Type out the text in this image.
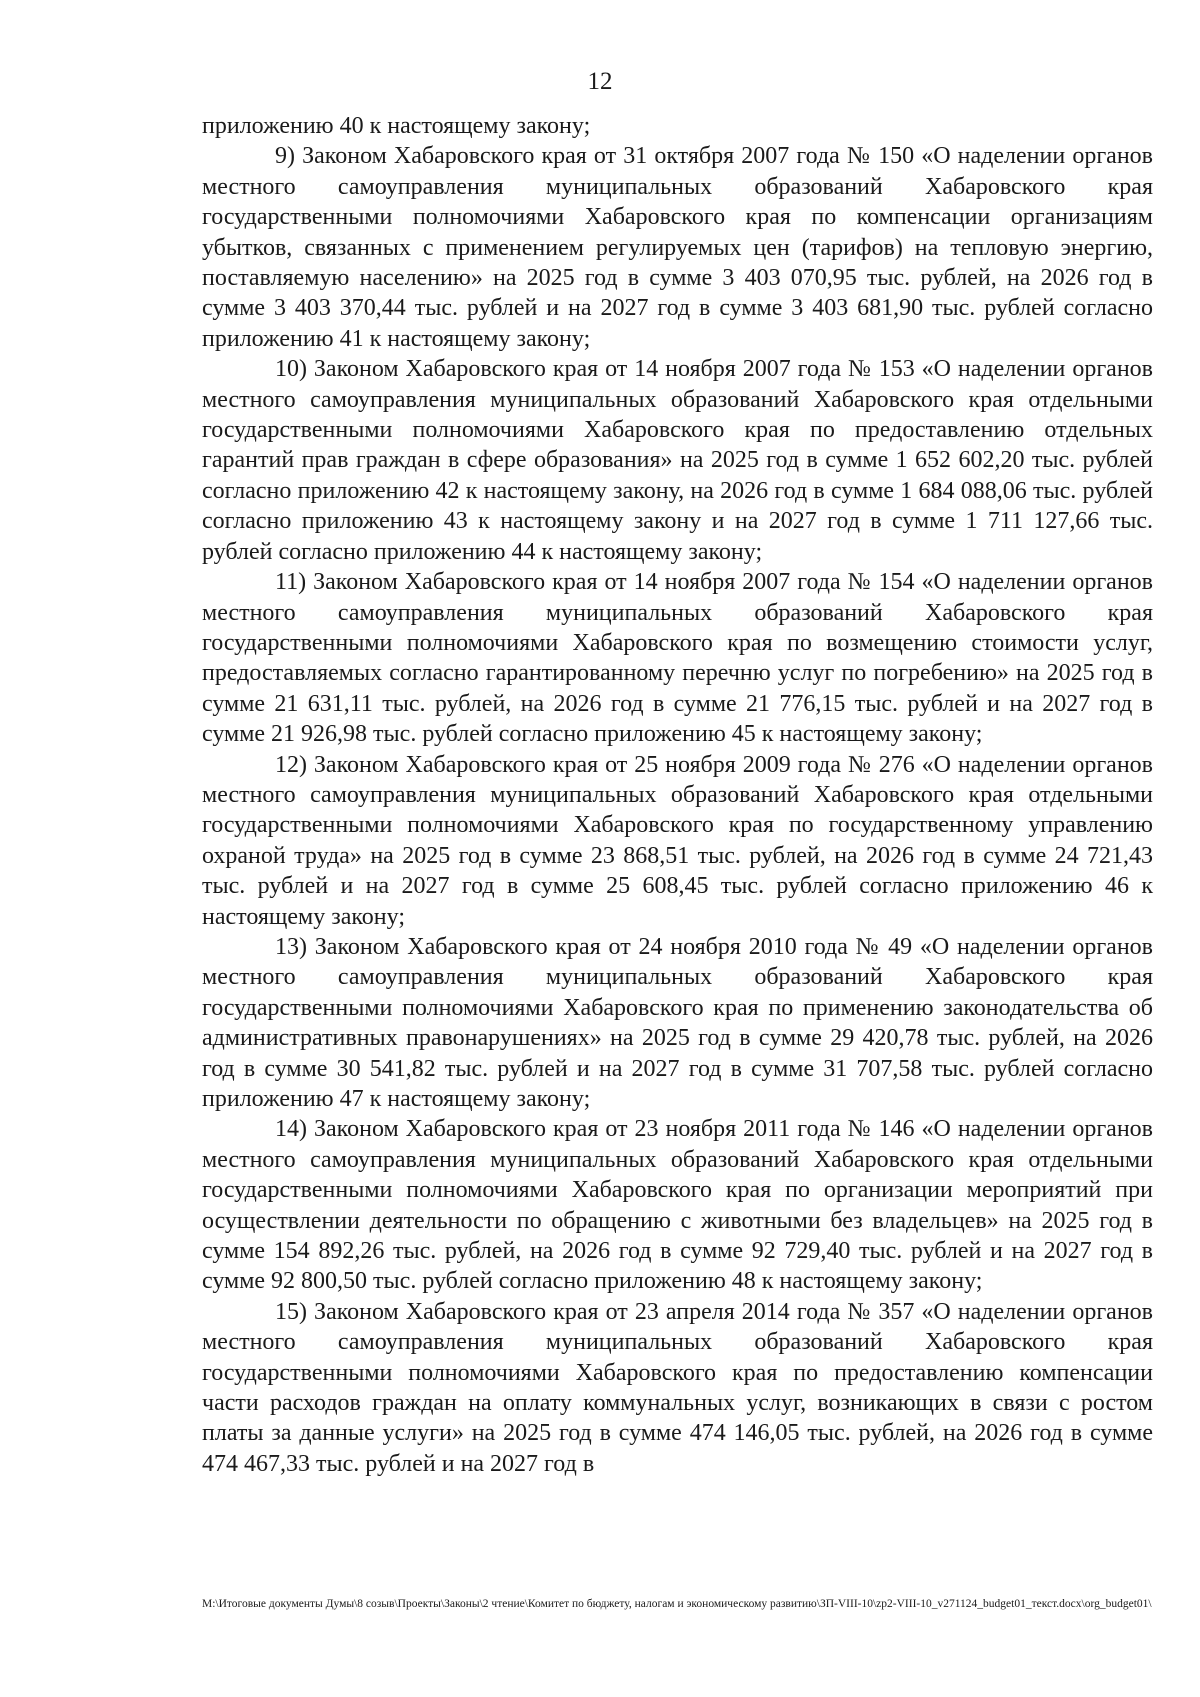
12

приложению 40 к настоящему закону;

9) Законом Хабаровского края от 31 октября 2007 года № 150 «О наделении органов местного самоуправления муниципальных образований Хабаровского края государственными полномочиями Хабаровского края по компенсации организациям убытков, связанных с применением регулируемых цен (тарифов) на тепловую энергию, поставляемую населению» на 2025 год в сумме 3 403 070,95 тыс. рублей, на 2026 год в сумме 3 403 370,44 тыс. рублей и на 2027 год в сумме 3 403 681,90 тыс. рублей согласно приложению 41 к настоящему закону;

10) Законом Хабаровского края от 14 ноября 2007 года № 153 «О наделении органов местного самоуправления муниципальных образований Хабаровского края отдельными государственными полномочиями Хабаровского края по предоставлению отдельных гарантий прав граждан в сфере образования» на 2025 год в сумме 1 652 602,20 тыс. рублей согласно приложению 42 к настоящему закону, на 2026 год в сумме 1 684 088,06 тыс. рублей согласно приложению 43 к настоящему закону и на 2027 год в сумме 1 711 127,66 тыс. рублей согласно приложению 44 к настоящему закону;

11) Законом Хабаровского края от 14 ноября 2007 года № 154 «О наделении органов местного самоуправления муниципальных образований Хабаровского края государственными полномочиями Хабаровского края по возмещению стоимости услуг, предоставляемых согласно гарантированному перечню услуг по погребению» на 2025 год в сумме 21 631,11 тыс. рублей, на 2026 год в сумме 21 776,15 тыс. рублей и на 2027 год в сумме 21 926,98 тыс. рублей согласно приложению 45 к настоящему закону;

12) Законом Хабаровского края от 25 ноября 2009 года № 276 «О наделении органов местного самоуправления муниципальных образований Хабаровского края отдельными государственными полномочиями Хабаровского края по государственному управлению охраной труда» на 2025 год в сумме 23 868,51 тыс. рублей, на 2026 год в сумме 24 721,43 тыс. рублей и на 2027 год в сумме 25 608,45 тыс. рублей согласно приложению 46 к настоящему закону;

13) Законом Хабаровского края от 24 ноября 2010 года № 49 «О наделении органов местного самоуправления муниципальных образований Хабаровского края государственными полномочиями Хабаровского края по применению законодательства об административных правонарушениях» на 2025 год в сумме 29 420,78 тыс. рублей, на 2026 год в сумме 30 541,82 тыс. рублей и на 2027 год в сумме 31 707,58 тыс. рублей согласно приложению 47 к настоящему закону;

14) Законом Хабаровского края от 23 ноября 2011 года № 146 «О наделении органов местного самоуправления муниципальных образований Хабаровского края отдельными государственными полномочиями Хабаровского края по организации мероприятий при осуществлении деятельности по обращению с животными без владельцев» на 2025 год в сумме 154 892,26 тыс. рублей, на 2026 год в сумме 92 729,40 тыс. рублей и на 2027 год в сумме 92 800,50 тыс. рублей согласно приложению 48 к настоящему закону;

15) Законом Хабаровского края от 23 апреля 2014 года № 357 «О наделении органов местного самоуправления муниципальных образований Хабаровского края государственными полномочиями Хабаровского края по предоставлению компенсации части расходов граждан на оплату коммунальных услуг, возникающих в связи с ростом платы за данные услуги» на 2025 год в сумме 474 146,05 тыс. рублей, на 2026 год в сумме 474 467,33 тыс. рублей и на 2027 год в

M:\Итоговые документы Думы\8 созыв\Проекты\Законы\2 чтение\Комитет по бюджету, налогам и экономическому развитию\ЗП-VIII-10\zp2-VIII-10_v271124_budget01_текст.docx\org_budget01\
